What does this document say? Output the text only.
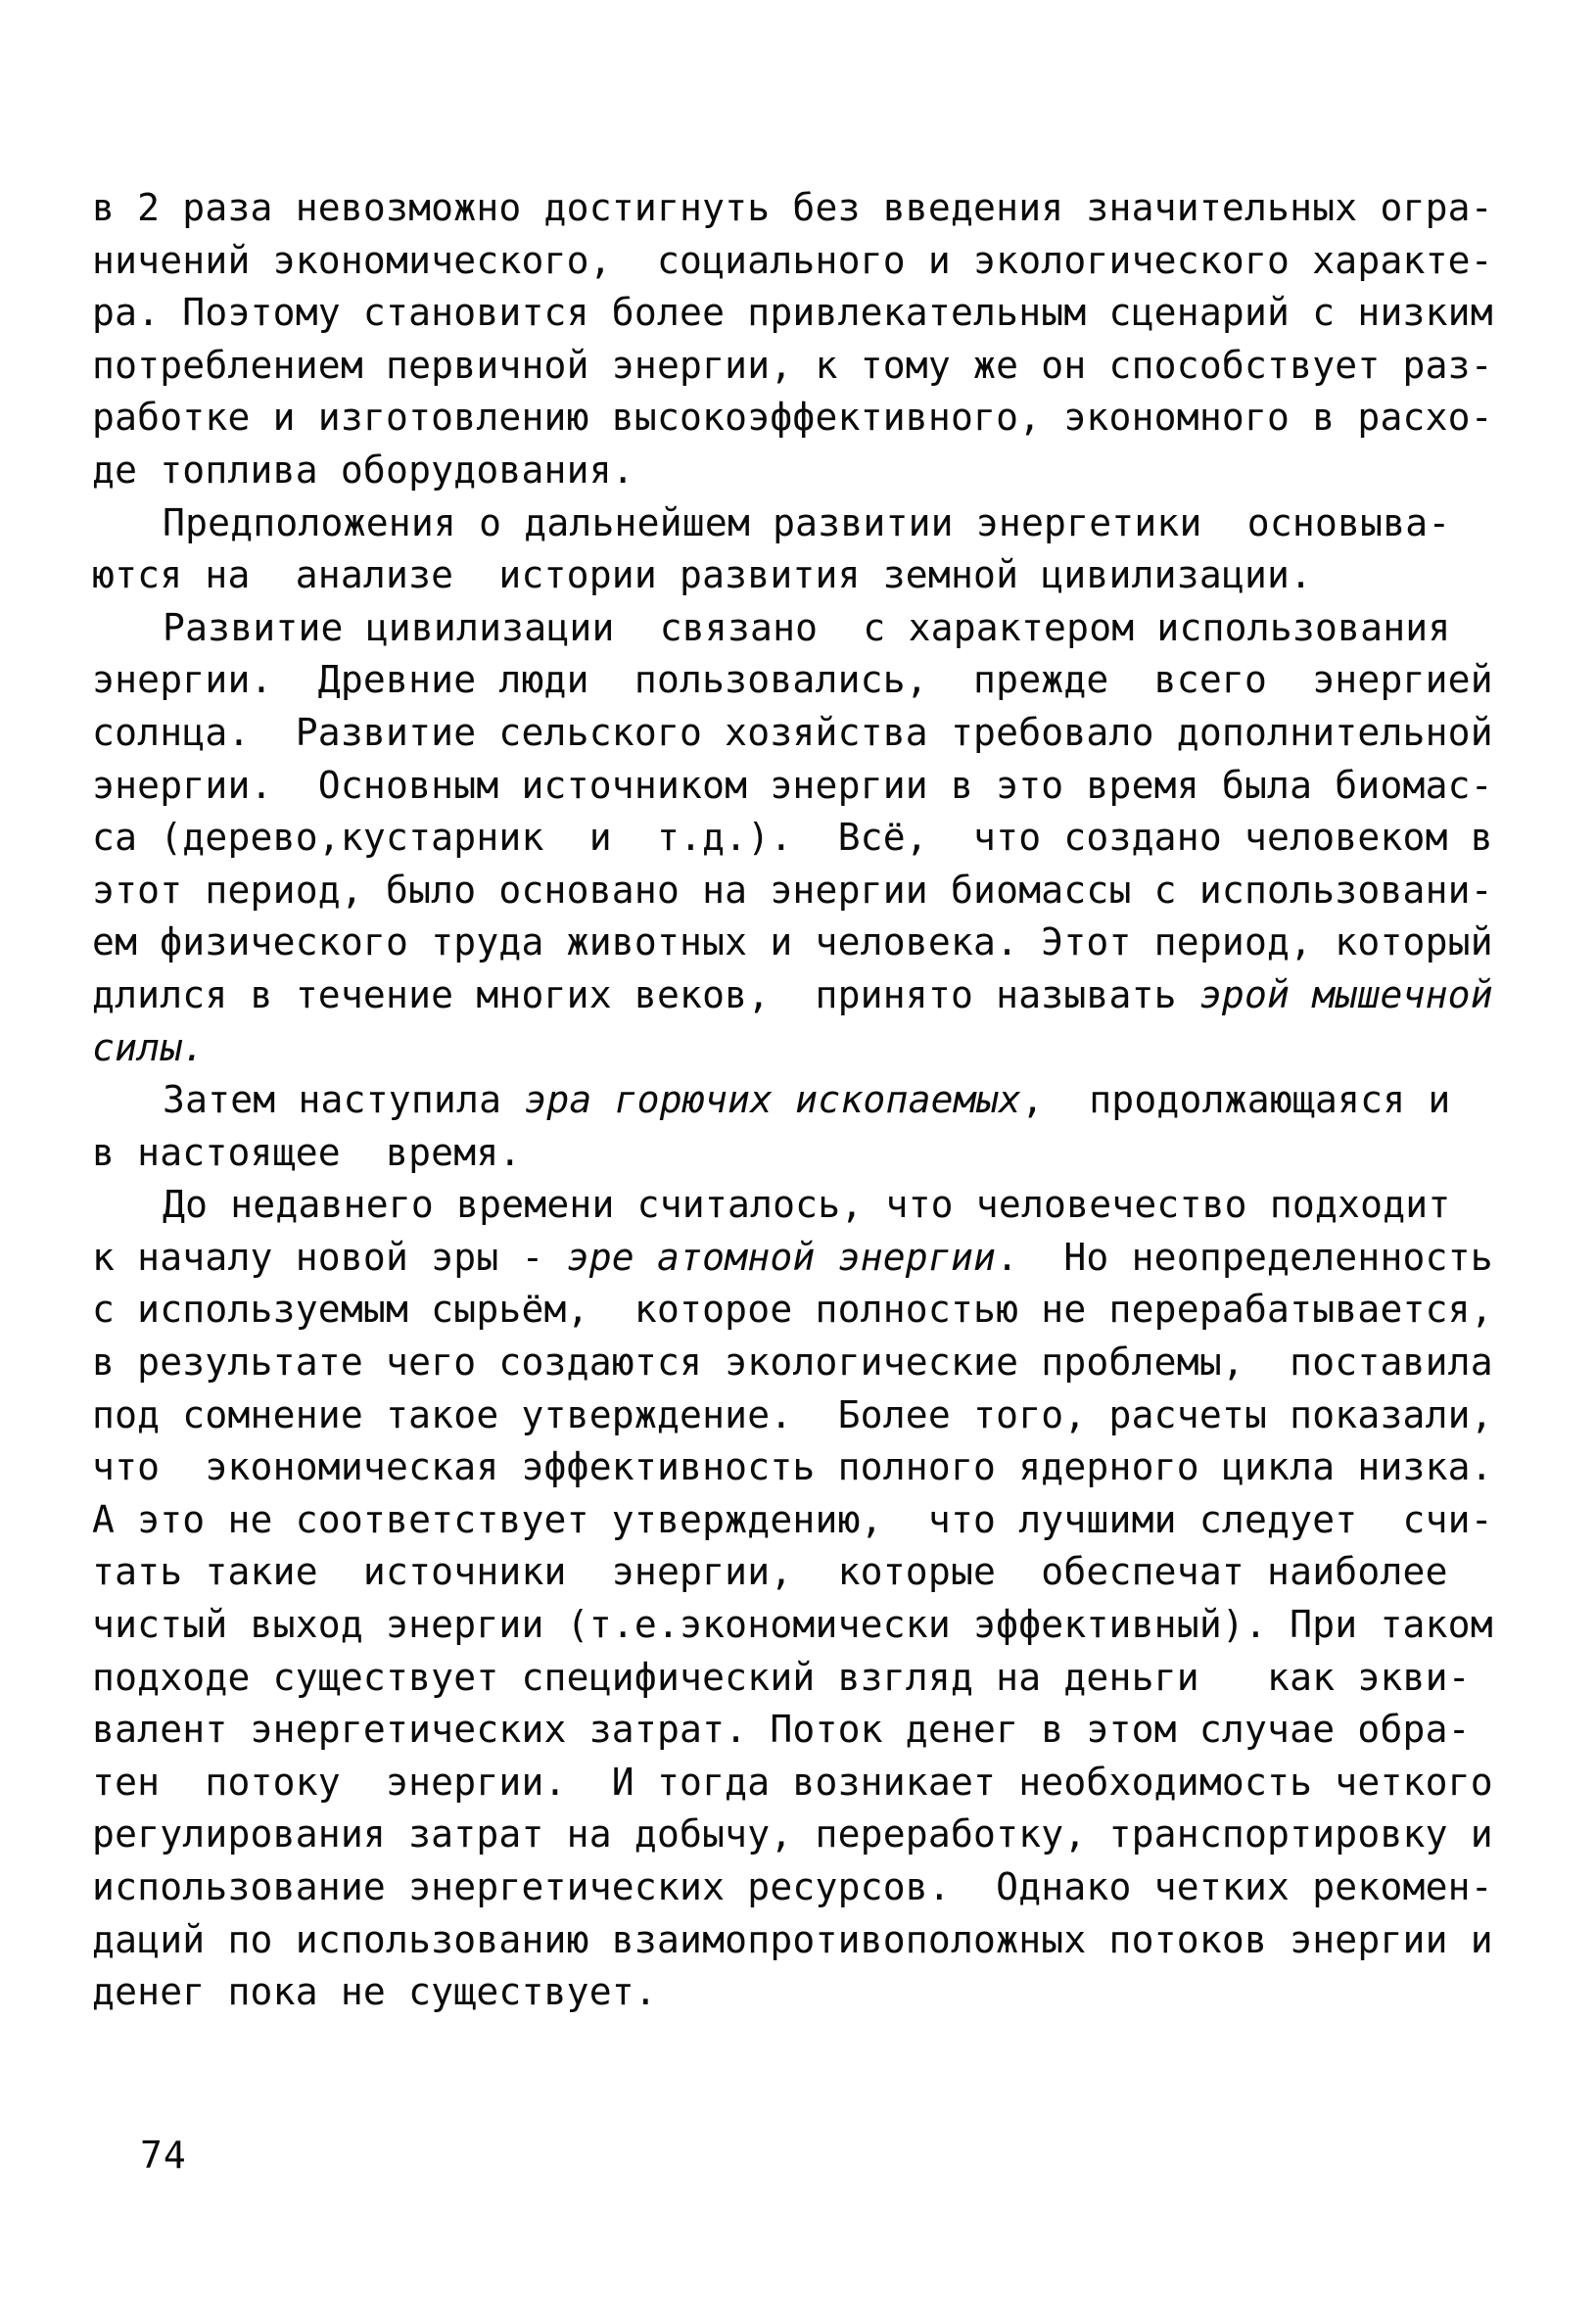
в 2 раза невозможно достигнуть без введения значительных огра-
ничений экономического,  социального и экологического характе-
ра. Поэтому становится более привлекательным сценарий с низким
потреблением первичной энергии, к тому же он способствует раз-
работке и изготовлению высокоэффективного, экономного в расхо-
де топлива оборудования.
Предположения о дальнейшем развитии энергетики  основыва-
ются на  анализе  истории развития земной цивилизации.
Развитие цивилизации  связано  с характером использования
энергии.  Древние люди  пользовались,  прежде  всего  энергией
солнца.  Развитие сельского хозяйства требовало дополнительной
энергии.  Основным источником энергии в это время была биомас-
са (дерево,кустарник  и  т.д.).  Всё,  что создано человеком в
этот период, было основано на энергии биомассы с использовани-
ем физического труда животных и человека. Этот период, который
длился в течение многих веков,  принято называть эрой мышечной
силы.
Затем наступила эра горючих ископаемых,  продолжающаяся и
в настоящее  время.
До недавнего времени считалось, что человечество подходит
к началу новой эры - эре атомной энергии.  Но неопределенность
с используемым сырьём,  которое полностью не перерабатывается,
в результате чего создаются экологические проблемы,  поставила
под сомнение такое утверждение.  Более того, расчеты показали,
что  экономическая эффективность полного ядерного цикла низка.
А это не соответствует утверждению,  что лучшими следует  счи-
тать такие  источники  энергии,  которые  обеспечат наиболее
чистый выход энергии (т.е.экономически эффективный). При таком
подходе существует специфический взгляд на деньги   как экви-
валент энергетических затрат. Поток денег в этом случае обра-
тен  потоку  энергии.  И тогда возникает необходимость четкого
регулирования затрат на добычу, переработку, транспортировку и
использование энергетических ресурсов.  Однако четких рекомен-
даций по использованию взаимопротивоположных потоков энергии и
денег пока не существует.
74
